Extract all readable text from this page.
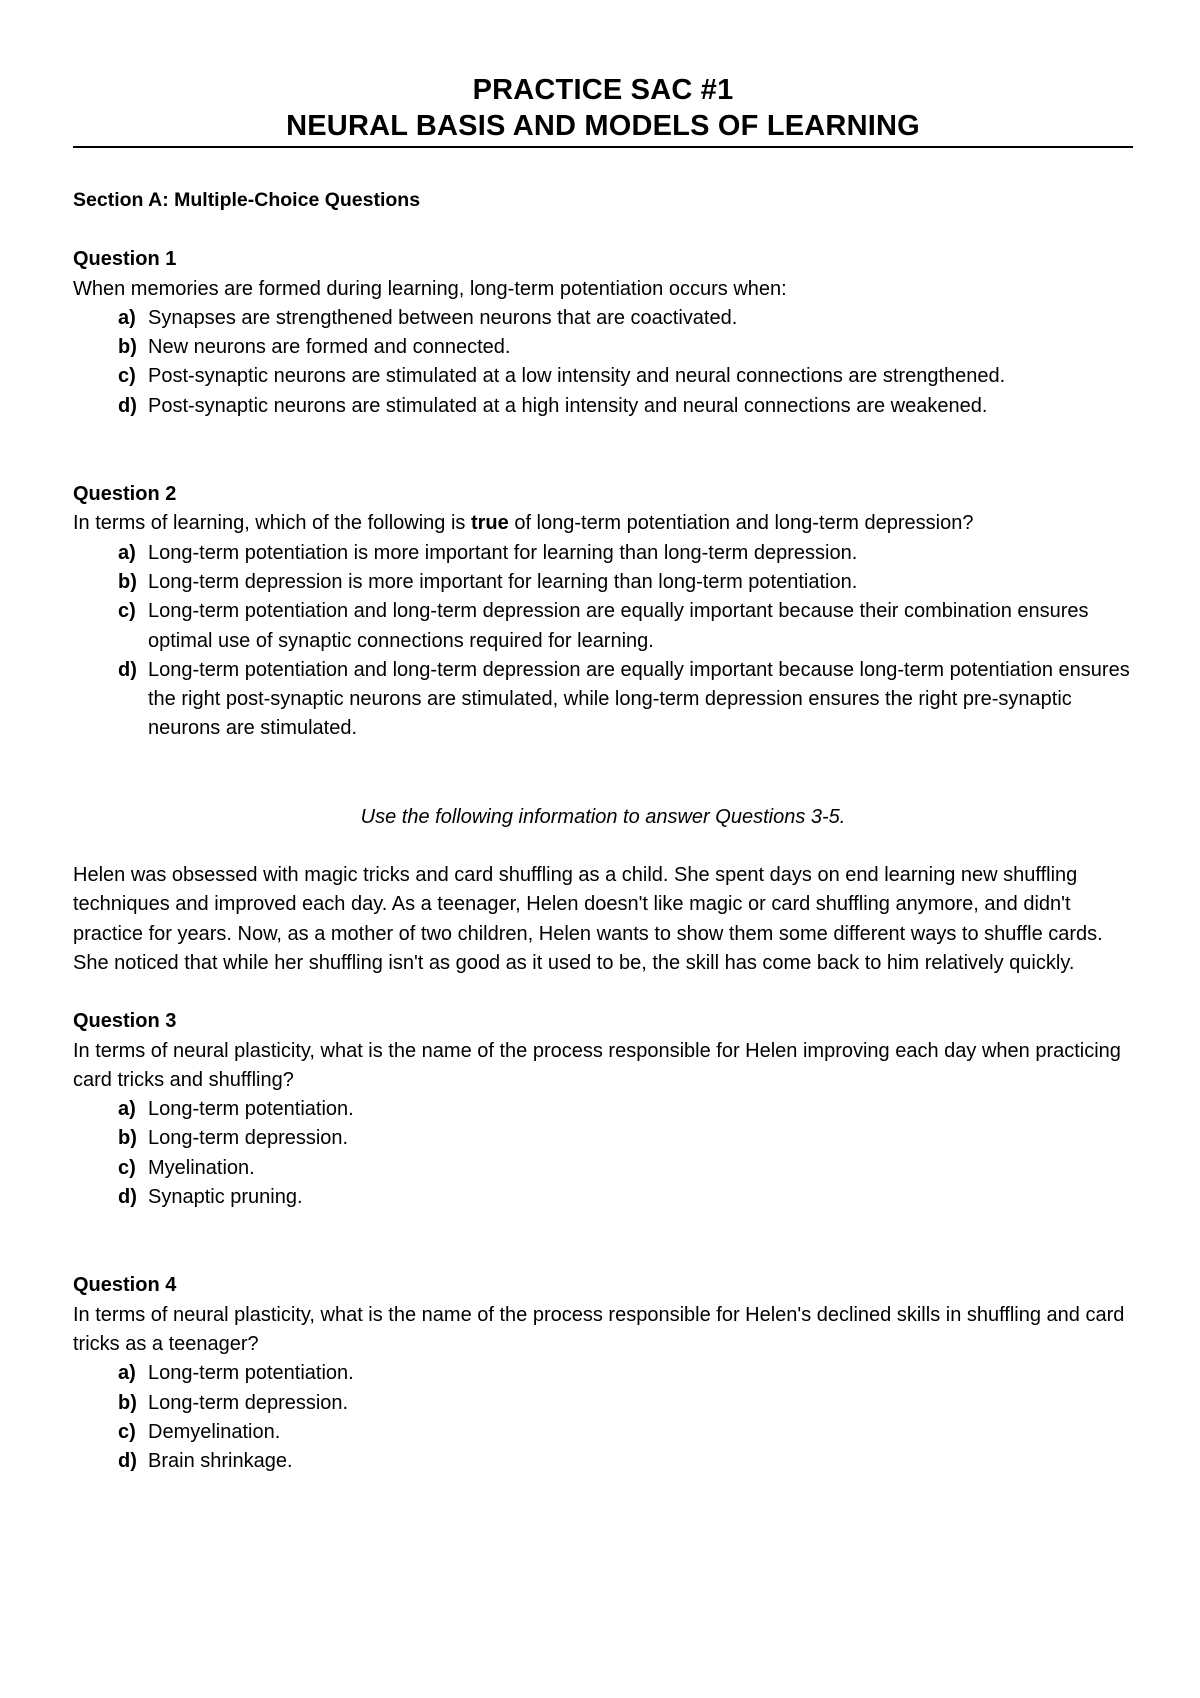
PRACTICE SAC #1
NEURAL BASIS AND MODELS OF LEARNING

Section A: Multiple-Choice Questions

Question 1

When memories are formed during learning, long-term potentiation occurs when:

a) Synapses are strengthened between neurons that are coactivated.
b) New neurons are formed and connected.
c) Post-synaptic neurons are stimulated at a low intensity and neural connections are strengthened.
d) Post-synaptic neurons are stimulated at a high intensity and neural connections are weakened.

Question 2

In terms of learning, which of the following is true of long-term potentiation and long-term depression?

a) Long-term potentiation is more important for learning than long-term depression.
b) Long-term depression is more important for learning than long-term potentiation.
c) Long-term potentiation and long-term depression are equally important because their combination ensures optimal use of synaptic connections required for learning.
d) Long-term potentiation and long-term depression are equally important because long-term potentiation ensures the right post-synaptic neurons are stimulated, while long-term depression ensures the right pre-synaptic neurons are stimulated.

Use the following information to answer Questions 3-5.

Helen was obsessed with magic tricks and card shuffling as a child. She spent days on end learning new shuffling techniques and improved each day. As a teenager, Helen doesn't like magic or card shuffling anymore, and didn't practice for years. Now, as a mother of two children, Helen wants to show them some different ways to shuffle cards. She noticed that while her shuffling isn't as good as it used to be, the skill has come back to him relatively quickly.

Question 3

In terms of neural plasticity, what is the name of the process responsible for Helen improving each day when practicing card tricks and shuffling?

a) Long-term potentiation.
b) Long-term depression.
c) Myelination.
d) Synaptic pruning.

Question 4

In terms of neural plasticity, what is the name of the process responsible for Helen's declined skills in shuffling and card tricks as a teenager?

a) Long-term potentiation.
b) Long-term depression.
c) Demyelination.
d) Brain shrinkage.
